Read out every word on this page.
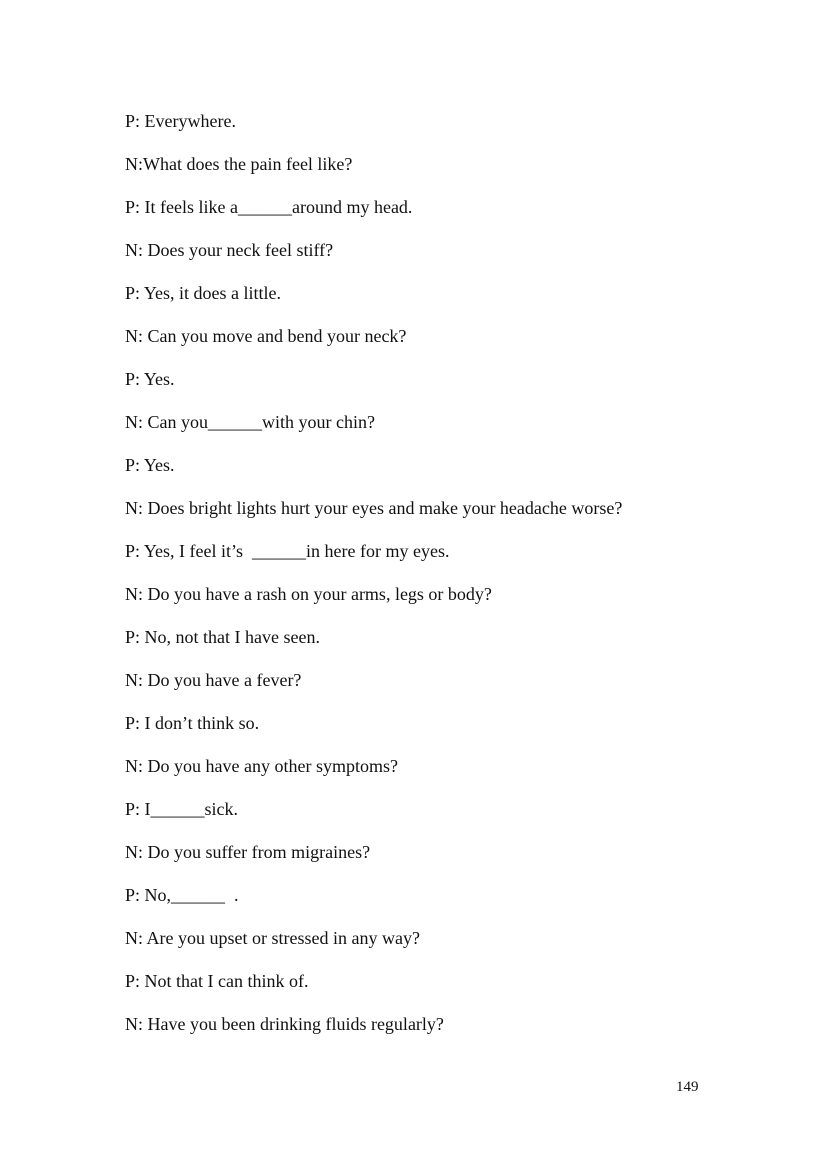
P: Everywhere.

N:What does the pain feel like?

P: It feels like a______around my head.

N: Does your neck feel stiff?

P: Yes, it does a little.

N: Can you move and bend your neck?

P: Yes.

N: Can you______with your chin?

P: Yes.

N: Does bright lights hurt your eyes and make your headache worse?

P: Yes, I feel it’s  ______in here for my eyes.

N: Do you have a rash on your arms, legs or body?

P: No, not that I have seen.

N: Do you have a fever?

P: I don’t think so.

N: Do you have any other symptoms?

P: I______sick.

N: Do you suffer from migraines?

P: No,______  .

N: Are you upset or stressed in any way?

P: Not that I can think of.

N: Have you been drinking fluids regularly?

149
